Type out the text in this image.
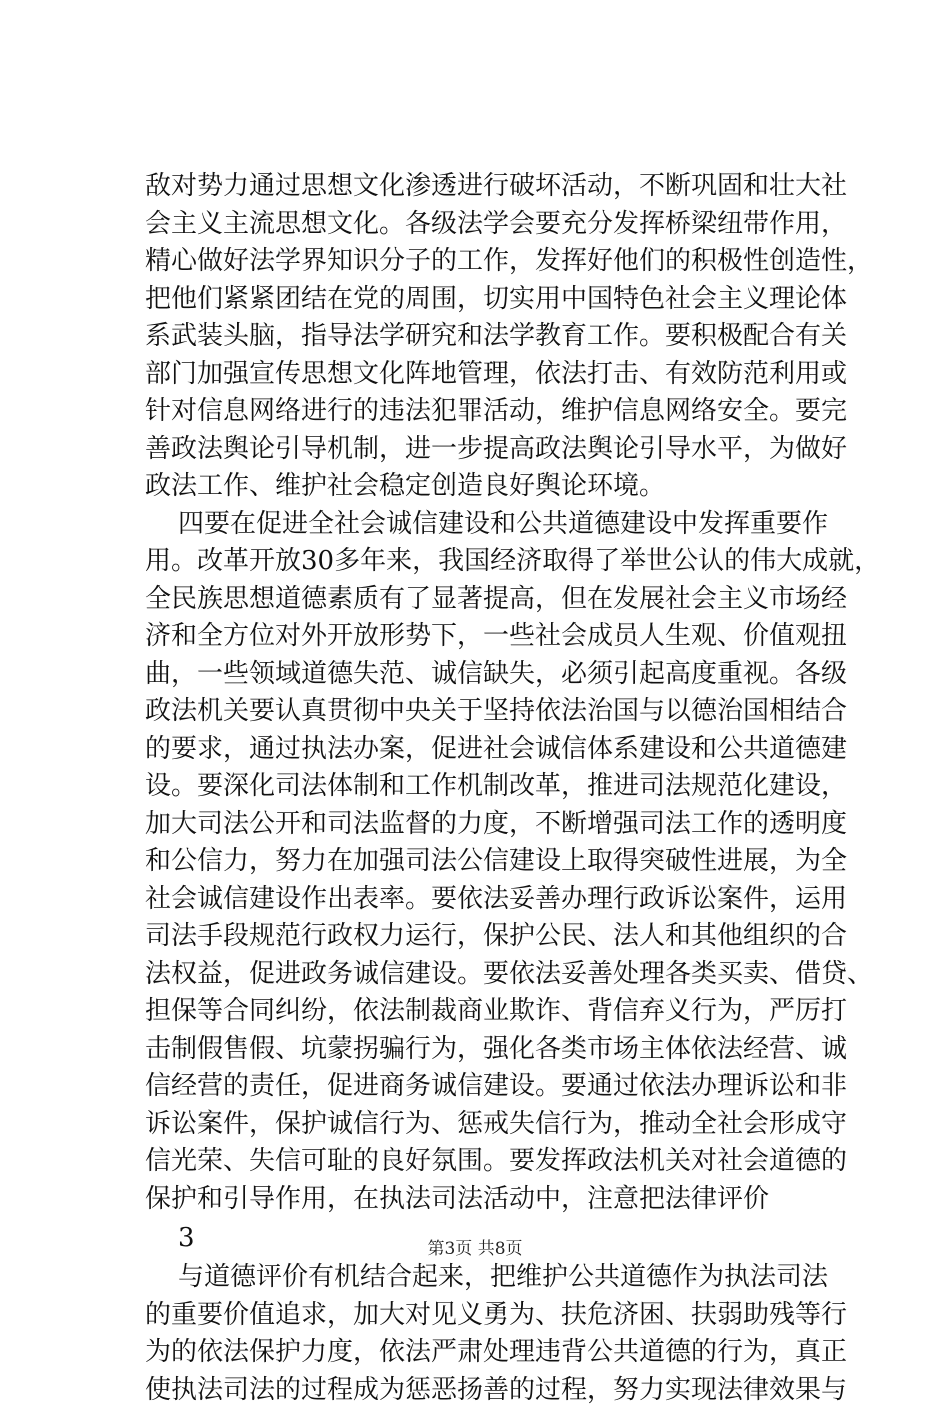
敌对势力通过思想文化渗透进行破坏活动，不断巩固和壮大社
会主义主流思想文化。各级法学会要充分发挥桥梁纽带作用，
精心做好法学界知识分子的工作，发挥好他们的积极性创造性，
把他们紧紧团结在党的周围，切实用中国特色社会主义理论体
系武装头脑，指导法学研究和法学教育工作。要积极配合有关
部门加强宣传思想文化阵地管理，依法打击、有效防范利用或
针对信息网络进行的违法犯罪活动，维护信息网络安全。要完
善政法舆论引导机制，进一步提高政法舆论引导水平，为做好
政法工作、维护社会稳定创造良好舆论环境。
四要在促进全社会诚信建设和公共道德建设中发挥重要作
用。改革开放30多年来，我国经济取得了举世公认的伟大成就，
全民族思想道德素质有了显著提高，但在发展社会主义市场经
济和全方位对外开放形势下，一些社会成员人生观、价值观扭
曲，一些领域道德失范、诚信缺失，必须引起高度重视。各级
政法机关要认真贯彻中央关于坚持依法治国与以德治国相结合
的要求，通过执法办案，促进社会诚信体系建设和公共道德建
设。要深化司法体制和工作机制改革，推进司法规范化建设，
加大司法公开和司法监督的力度，不断增强司法工作的透明度
和公信力，努力在加强司法公信建设上取得突破性进展，为全
社会诚信建设作出表率。要依法妥善办理行政诉讼案件，运用
司法手段规范行政权力运行，保护公民、法人和其他组织的合
法权益，促进政务诚信建设。要依法妥善处理各类买卖、借贷、
担保等合同纠纷，依法制裁商业欺诈、背信弃义行为，严厉打
击制假售假、坑蒙拐骗行为，强化各类市场主体依法经营、诚
信经营的责任，促进商务诚信建设。要通过依法办理诉讼和非
诉讼案件，保护诚信行为、惩戒失信行为，推动全社会形成守
信光荣、失信可耻的良好氛围。要发挥政法机关对社会道德的
保护和引导作用，在执法司法活动中，注意把法律评价
与道德评价有机结合起来，把维护公共道德作为执法司法
的重要价值追求，加大对见义勇为、扶危济困、扶弱助残等行
为的依法保护力度，依法严肃处理违背公共道德的行为，真正
使执法司法的过程成为惩恶扬善的过程，努力实现法律效果与
3	第3页 共8页
